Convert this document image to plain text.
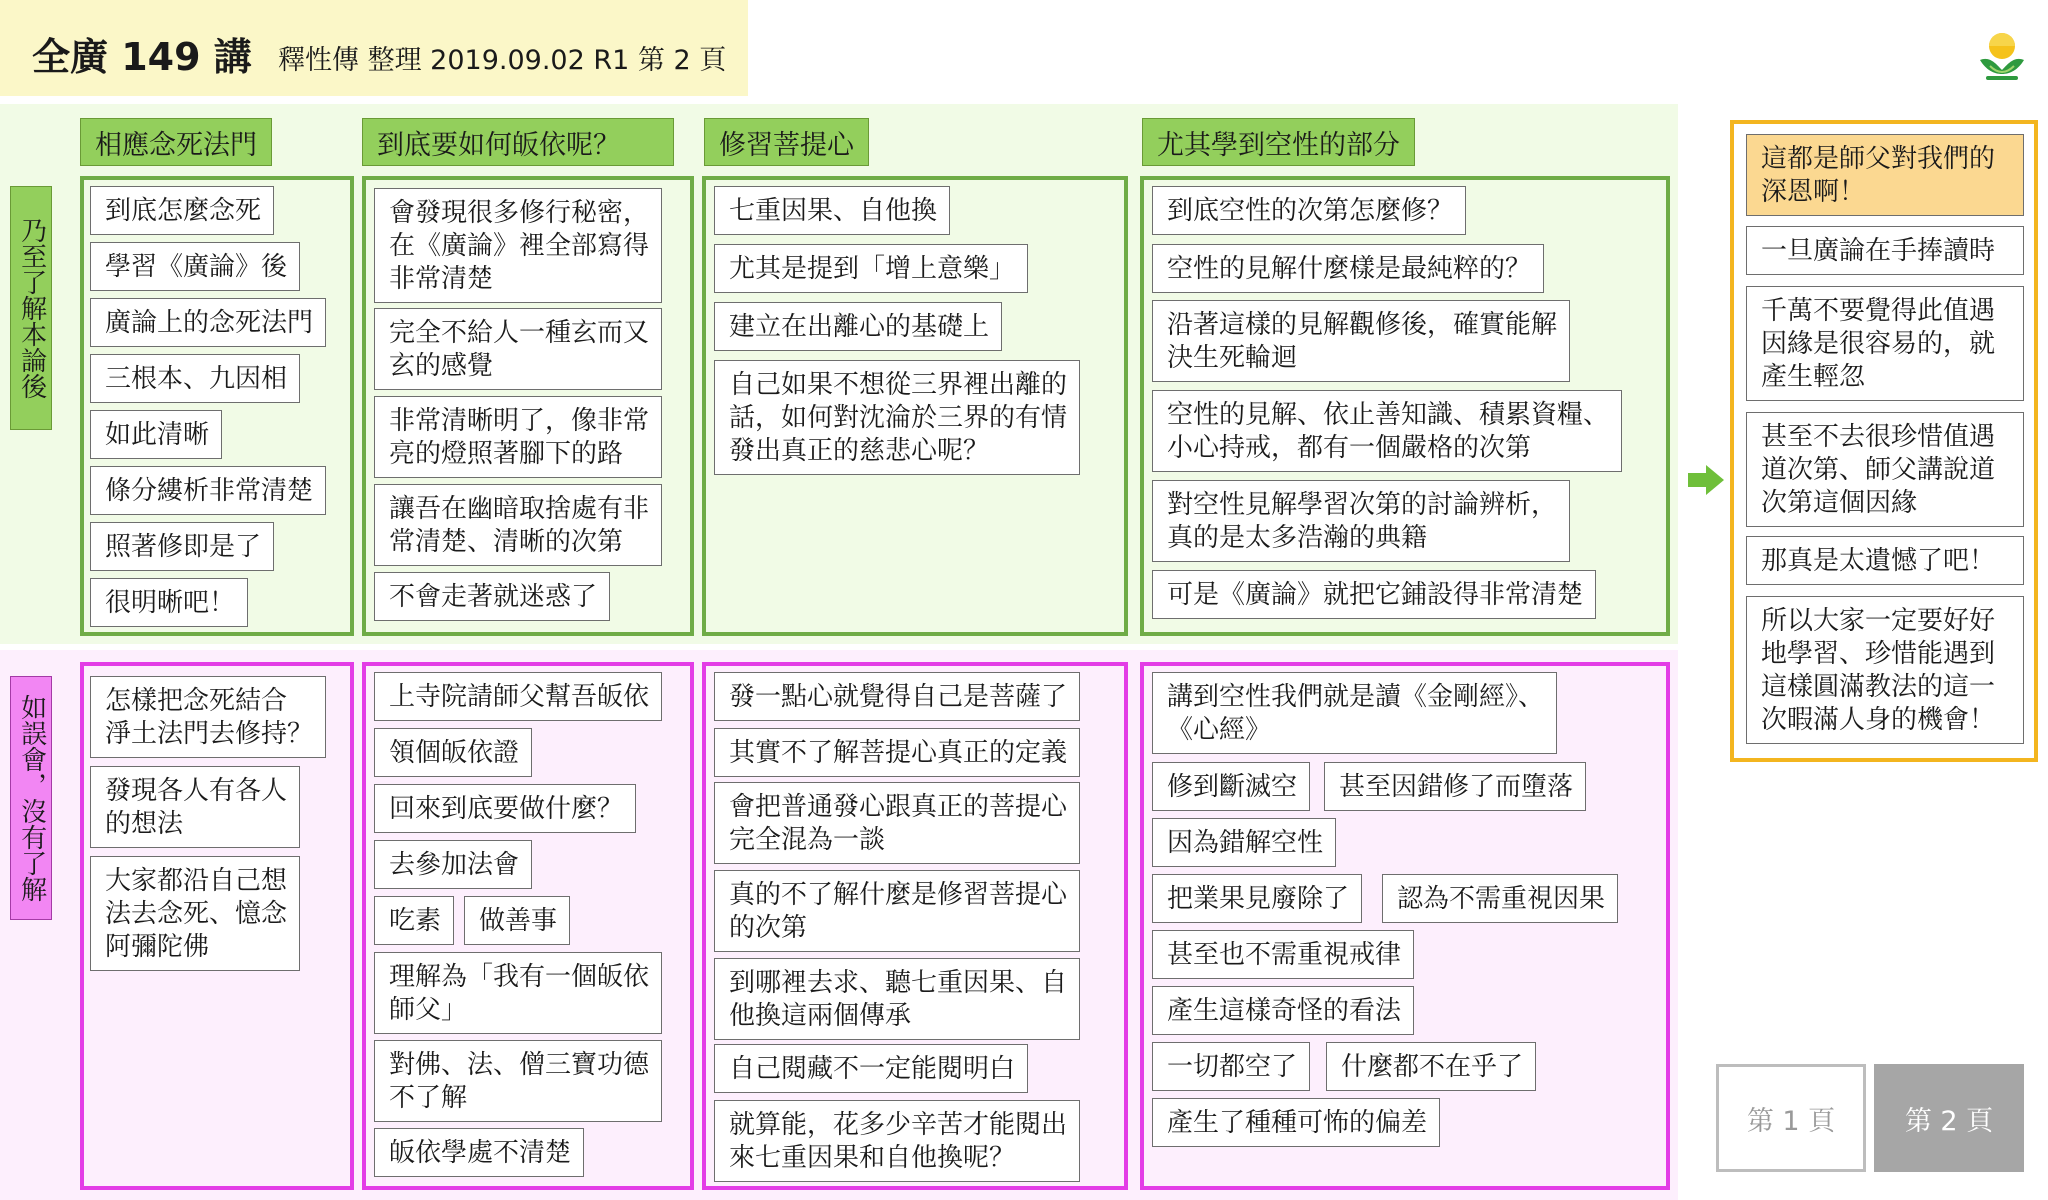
全廣 149 講 釋性傳 整理 2019.09.02 R1 第 2 頁
乃至了解本論後
如誤會，沒有了解
相應念死法門	到底要如何皈依呢？	修習菩提心	尤其學到空性的部分
到底怎麼念死
學習《廣論》後
廣論上的念死法門
三根本、九因相
如此清晰
條分縷析非常清楚
照著修即是了
很明晰吧！
怎樣把念死結合
淨土法門去修持？
發現各人有各人
的想法
大家都沿自己想
法去念死、憶念
阿彌陀佛
會發現很多修行秘密，
在《廣論》裡全部寫得
非常清楚
完全不給人一種玄而又
玄的感覺
非常清晰明了，像非常
亮的燈照著腳下的路
讓吾在幽暗取捨處有非
常清楚、清晰的次第
不會走著就迷惑了
上寺院請師父幫吾皈依
領個皈依證
回來到底要做什麼？
去參加法會
吃素	做善事
理解為「我有一個皈依
師父」
對佛、法、僧三寶功德
不了解
皈依學處不清楚
七重因果、自他換
尤其是提到「增上意樂」
建立在出離心的基礎上
自己如果不想從三界裡出離的
話，如何對沈淪於三界的有情
發出真正的慈悲心呢？
發一點心就覺得自己是菩薩了
其實不了解菩提心真正的定義
會把普通發心跟真正的菩提心
完全混為一談
真的不了解什麼是修習菩提心
的次第
到哪裡去求、聽七重因果、自
他換這兩個傳承
自己閱藏不一定能閱明白
就算能，花多少辛苦才能閱出
來七重因果和自他換呢？
到底空性的次第怎麼修？
空性的見解什麼樣是最純粹的？
沿著這樣的見解觀修後，確實能解
決生死輪迴
空性的見解、依止善知識、積累資糧、
小心持戒，都有一個嚴格的次第
對空性見解學習次第的討論辨析，
真的是太多浩瀚的典籍
可是《廣論》就把它鋪設得非常清楚
講到空性我們就是讀《金剛經》、
《心經》
修到斷滅空	甚至因錯修了而墮落
因為錯解空性
把業果見廢除了	認為不需重視因果
甚至也不需重視戒律
產生這樣奇怪的看法
一切都空了	什麼都不在乎了
產生了種種可怖的偏差
這都是師父對我們的深恩啊！
一旦廣論在手捧讀時
千萬不要覺得此值遇因緣是很容易的，就產生輕忽
甚至不去很珍惜值遇道次第、師父講說道次第這個因緣
那真是太遺憾了吧！
所以大家一定要好好地學習、珍惜能遇到這樣圓滿教法的這一次暇滿人身的機會！
第 1 頁	第 2 頁
